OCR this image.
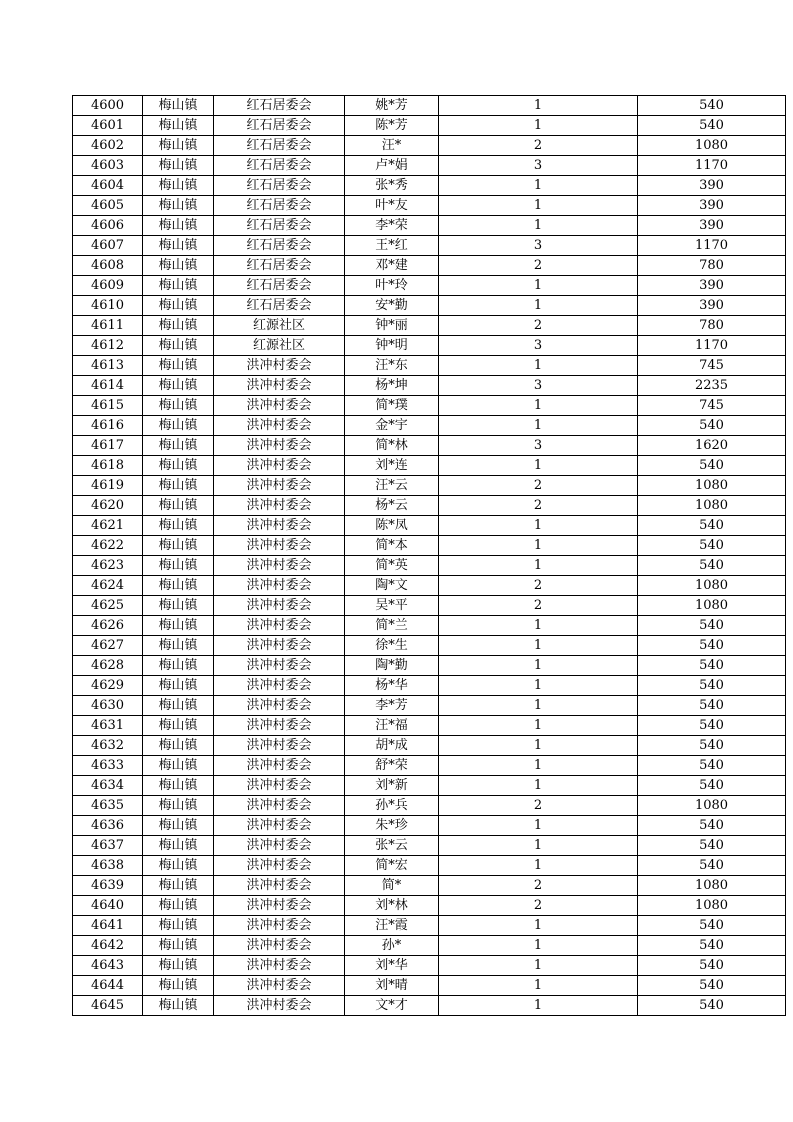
4600	梅山镇	红石居委会	姚*芳	1	540
4601	梅山镇	红石居委会	陈*芳	1	540
4602	梅山镇	红石居委会	汪*	2	1080
4603	梅山镇	红石居委会	卢*娟	3	1170
4604	梅山镇	红石居委会	张*秀	1	390
4605	梅山镇	红石居委会	叶*友	1	390
4606	梅山镇	红石居委会	李*荣	1	390
4607	梅山镇	红石居委会	王*红	3	1170
4608	梅山镇	红石居委会	邓*建	2	780
4609	梅山镇	红石居委会	叶*玲	1	390
4610	梅山镇	红石居委会	安*勤	1	390
4611	梅山镇	红源社区	钟*丽	2	780
4612	梅山镇	红源社区	钟*明	3	1170
4613	梅山镇	洪冲村委会	汪*东	1	745
4614	梅山镇	洪冲村委会	杨*坤	3	2235
4615	梅山镇	洪冲村委会	简*璞	1	745
4616	梅山镇	洪冲村委会	金*宇	1	540
4617	梅山镇	洪冲村委会	简*林	3	1620
4618	梅山镇	洪冲村委会	刘*连	1	540
4619	梅山镇	洪冲村委会	汪*云	2	1080
4620	梅山镇	洪冲村委会	杨*云	2	1080
4621	梅山镇	洪冲村委会	陈*凤	1	540
4622	梅山镇	洪冲村委会	简*本	1	540
4623	梅山镇	洪冲村委会	简*英	1	540
4624	梅山镇	洪冲村委会	陶*文	2	1080
4625	梅山镇	洪冲村委会	吴*平	2	1080
4626	梅山镇	洪冲村委会	简*兰	1	540
4627	梅山镇	洪冲村委会	徐*生	1	540
4628	梅山镇	洪冲村委会	陶*勤	1	540
4629	梅山镇	洪冲村委会	杨*华	1	540
4630	梅山镇	洪冲村委会	李*芳	1	540
4631	梅山镇	洪冲村委会	汪*福	1	540
4632	梅山镇	洪冲村委会	胡*成	1	540
4633	梅山镇	洪冲村委会	舒*荣	1	540
4634	梅山镇	洪冲村委会	刘*新	1	540
4635	梅山镇	洪冲村委会	孙*兵	2	1080
4636	梅山镇	洪冲村委会	朱*珍	1	540
4637	梅山镇	洪冲村委会	张*云	1	540
4638	梅山镇	洪冲村委会	简*宏	1	540
4639	梅山镇	洪冲村委会	简*	2	1080
4640	梅山镇	洪冲村委会	刘*林	2	1080
4641	梅山镇	洪冲村委会	汪*霞	1	540
4642	梅山镇	洪冲村委会	孙*	1	540
4643	梅山镇	洪冲村委会	刘*华	1	540
4644	梅山镇	洪冲村委会	刘*晴	1	540
4645	梅山镇	洪冲村委会	文*才	1	540
